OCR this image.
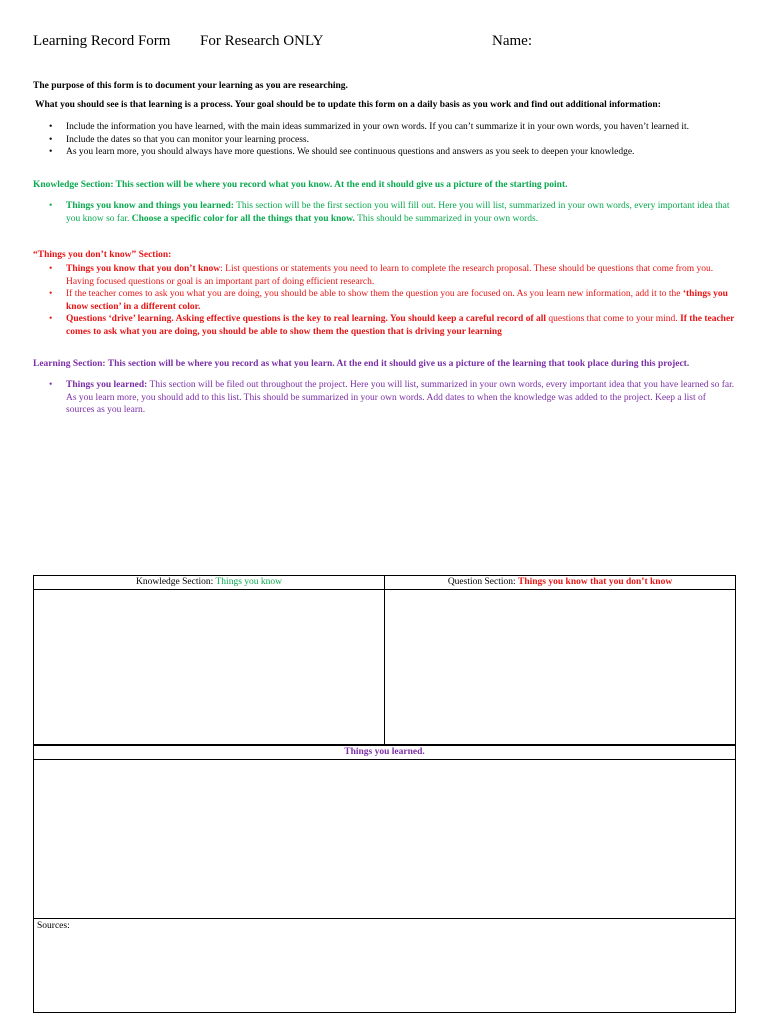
Learning Record Form For Research ONLY	Name:
The purpose of this form is to document your learning as you are researching.
What you should see is that learning is a process. Your goal should be to update this form on a daily basis as you work and find out additional information:
• Include the information you have learned, with the main ideas summarized in your own words. If you can’t summarize it in your own words, you haven’t learned it.
• Include the dates so that you can monitor your learning process.
• As you learn more, you should always have more questions. We should see continuous questions and answers as you seek to deepen your knowledge.
Knowledge Section: This section will be where you record what you know. At the end it should give us a picture of the starting point.
• Things you know and things you learned: This section will be the first section you will fill out. Here you will list, summarized in your own words, every important idea that you know so far. Choose a specific color for all the things that you know. This should be summarized in your own words.
“Things you don’t know” Section:
• Things you know that you don’t know: List questions or statements you need to learn to complete the research proposal. These should be questions that come from you. Having focused questions or goal is an important part of doing efficient research.
• If the teacher comes to ask you what you are doing, you should be able to show them the question you are focused on. As you learn new information, add it to the ‘things you know section’ in a different color.
• Questions ‘drive’ learning. Asking effective questions is the key to real learning. You should keep a careful record of all questions that come to your mind. If the teacher comes to ask what you are doing, you should be able to show them the question that is driving your learning
Learning Section: This section will be where you record as what you learn. At the end it should give us a picture of the learning that took place during this project.
• Things you learned: This section will be filed out throughout the project. Here you will list, summarized in your own words, every important idea that you have learned so far. As you learn more, you should add to this list. This should be summarized in your own words. Add dates to when the knowledge was added to the project. Keep a list of sources as you learn.
Knowledge Section: Things you know	Question Section: Things you know that you don’t know
Things you learned.
Sources:
